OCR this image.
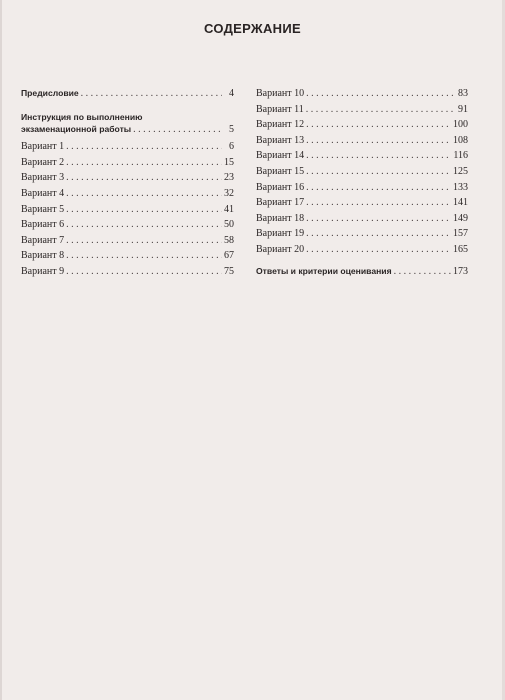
СОДЕРЖАНИЕ
Предисловие . . .	4
Инструкция по выполнению
экзаменационной работы . . .	5
Вариант 1 . . .	6
Вариант 2 . . .	15
Вариант 3 . . .	23
Вариант 4 . . .	32
Вариант 5 . . .	41
Вариант 6 . . .	50
Вариант 7 . . .	58
Вариант 8 . . .	67
Вариант 9 . . .	75
Вариант 10 . . .	83
Вариант 11 . . .	91
Вариант 12 . . .	100
Вариант 13 . . .	108
Вариант 14 . . .	116
Вариант 15 . . .	125
Вариант 16 . . .	133
Вариант 17 . . .	141
Вариант 18 . . .	149
Вариант 19 . . .	157
Вариант 20 . . .	165
Ответы и критерии оценивания . . .	173
